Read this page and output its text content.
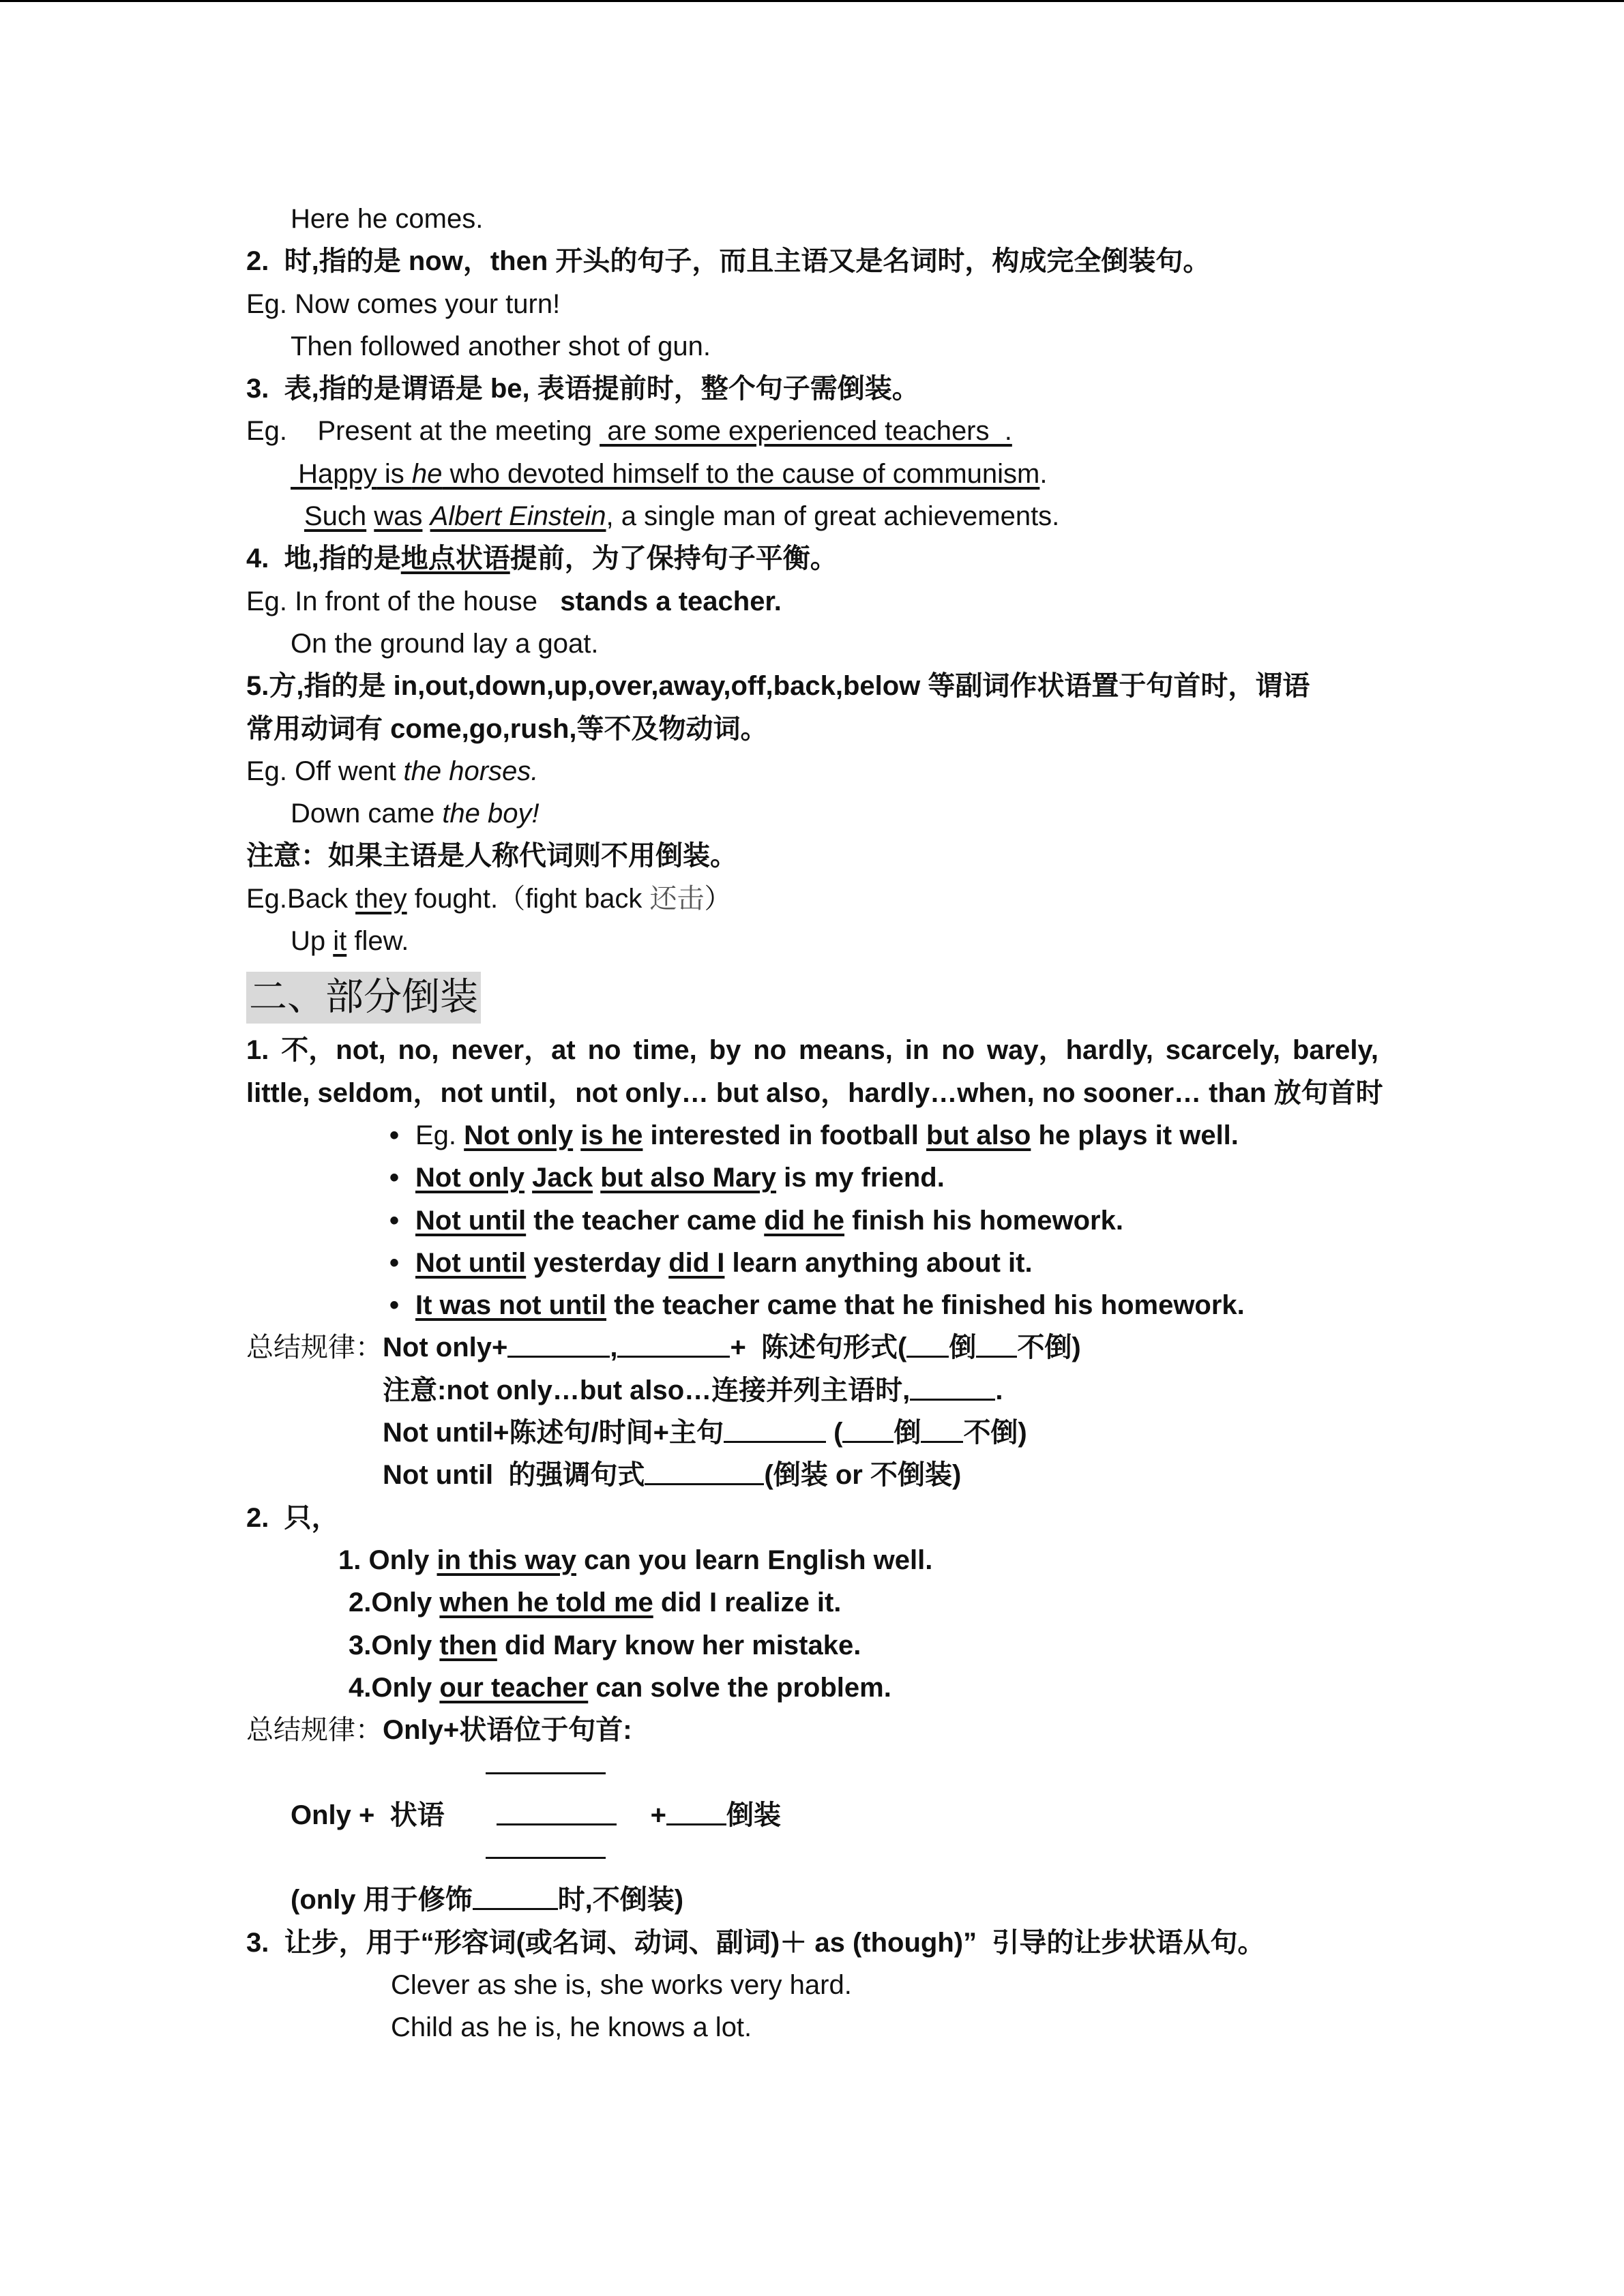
Here he comes.
2. 时,指的是 now，then 开头的句子，而且主语又是名词时，构成完全倒装句。
Eg. Now comes your turn!
Then followed another shot of gun.
3. 表,指的是谓语是 be, 表语提前时，整个句子需倒装。
Eg.    Present at the meeting  are some experienced teachers  .
Happy is he who devoted himself to the cause of communism.
Such was Albert Einstein, a single man of great achievements.
4. 地,指的是地点状语提前，为了保持句子平衡。
Eg. In front of the house   stands a teacher.
On the ground lay a goat.
5.方,指的是 in,out,down,up,over,away,off,back,below 等副词作状语置于句首时，谓语
常用动词有 come,go,rush,等不及物动词。
Eg. Off went the horses.
Down came the boy!
注意：如果主语是人称代词则不用倒装。
Eg.Back they fought.（fight back 还击）
Up it flew.
二、部分倒装
1. 不，not, no, never，at no time, by no means, in no way，hardly, scarcely, barely,
little, seldom，not until，not only… but also，hardly…when, no sooner… than 放句首时
• Eg. Not only is he interested in football but also he plays it well.
• Not only Jack but also Mary is my friend.
• Not until the teacher came did he finish his homework.
• Not until yesterday did I learn anything about it.
• It was not until the teacher came that he finished his homework.
总结规律：Not only+	,	+  陈述句形式( 倒 不倒)
注意:not only…but also…连接并列主语时,	.
Not until+陈述句/时间+主句	( 倒 不倒)
Not until  的强调句式	(倒装 or 不倒装)
2. 只，
1. Only in this way can you learn English well.
2.Only when he told me did I realize it.
3.Only then did Mary know her mistake.
4.Only our teacher can solve the problem.
总结规律：Only+状语位于句首:
Only +  状语	+ 倒装

(only 用于修饰	时,不倒装)
3. 让步，用于“形容词(或名词、动词、副词)＋ as (though)” 引导的让步状语从句。
Clever as she is, she works very hard.
Child as he is, he knows a lot.
